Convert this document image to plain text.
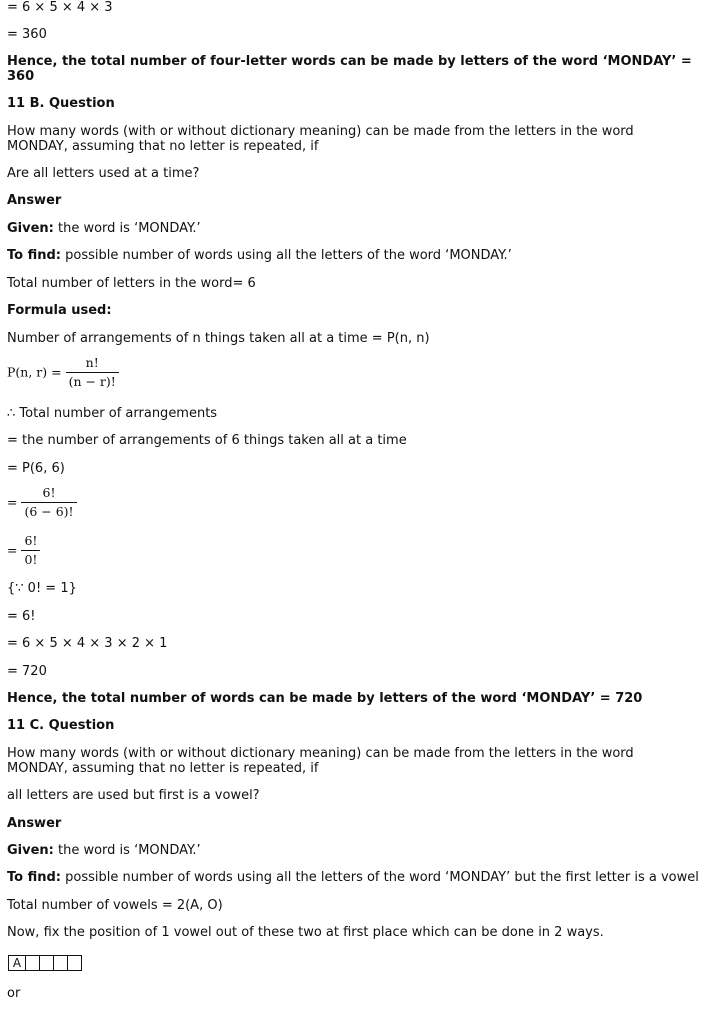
= 6 × 5 × 4 × 3
= 360
Hence, the total number of four-letter words can be made by letters of the word ‘MONDAY’ = 360
11 B. Question
How many words (with or without dictionary meaning) can be made from the letters in the word MONDAY, assuming that no letter is repeated, if
Are all letters used at a time?
Answer
Given: the word is ‘MONDAY.’
To find: possible number of words using all the letters of the word ‘MONDAY.’
Total number of letters in the word= 6
Formula used:
Number of arrangements of n things taken all at a time = P(n, n)
P(n, $r) = \frac{n!}{(n - r)!}$
∴ Total number of arrangements
= the number of arrangements of 6 things taken all at a time
= P(6, 6)
= $\frac{6!}{(6 - 6)!}$
= $\frac{6!}{0!}$
{∵ 0! = 1}
= 6!
= 6 × 5 × 4 × 3 × 2 × 1
= 720
Hence, the total number of words can be made by letters of the word ‘MONDAY’ = 720
11 C. Question
How many words (with or without dictionary meaning) can be made from the letters in the word MONDAY, assuming that no letter is repeated, if
all letters are used but first is a vowel?
Answer
Given: the word is ‘MONDAY.’
To find: possible number of words using all the letters of the word ‘MONDAY’ but the first letter is a vowel
Total number of vowels = 2(A, O)
Now, fix the position of 1 vowel out of these two at first place which can be done in 2 ways.
A
or
